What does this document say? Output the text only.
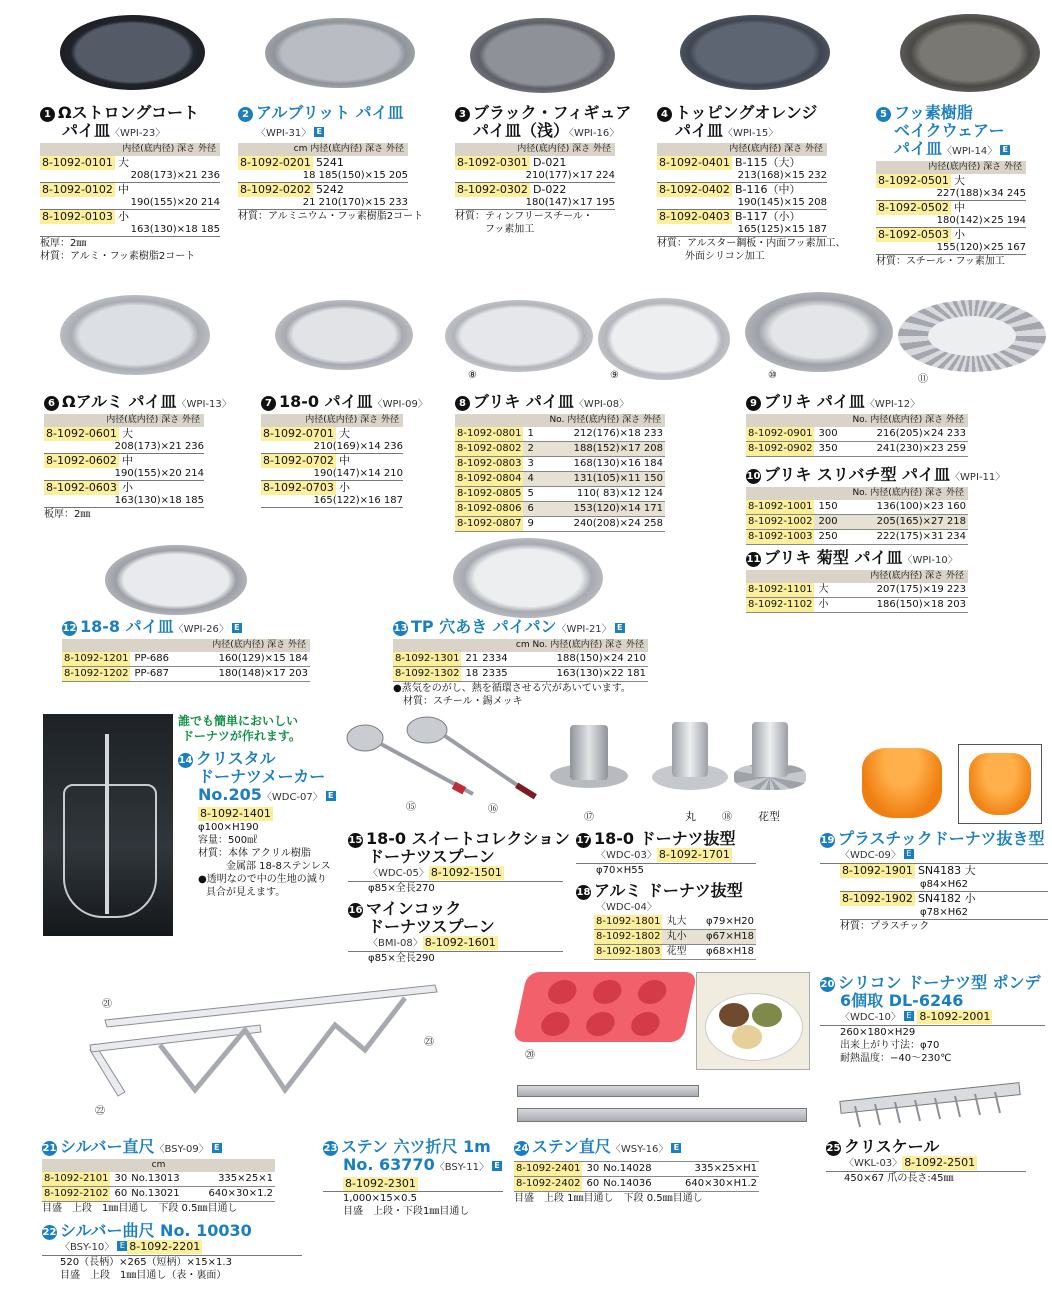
1 Ωストロングコート
パイ皿〈WPI-23〉
内径(底内径) 深さ 外径
8-1092-0101 大
208(173)×21 236
8-1092-0102 中
190(155)×20 214
8-1092-0103 小
163(130)×18 185
板厚：2㎜
材質：アルミ・フッ素樹脂2コート
2 アルブリット パイ皿
〈WPI-31〉 E
cm 内径(底内径) 深さ 外径
8-1092-0201 5241
18 185(150)×15 205
8-1092-0202 5242
21 210(170)×15 233
材質：アルミニウム・フッ素樹脂2コート
3 ブラック・フィギュア
パイ皿（浅）〈WPI-16〉
内径(底内径) 深さ 外径
8-1092-0301 D-021
210(177)×17 224
8-1092-0302 D-022
180(147)×17 195
材質：ティンフリースチール・
フッ素加工
4 トッピングオレンジ
パイ皿〈WPI-15〉
内径(底内径) 深さ 外径
8-1092-0401 B-115（大）
213(168)×15 232
8-1092-0402 B-116（中）
190(145)×15 208
8-1092-0403 B-117（小）
165(125)×15 187
材質：アルスター鋼板・内面フッ素加工、
外面シリコン加工
5 フッ素樹脂
ベイクウェアー
パイ皿〈WPI-14〉 E
内径(底内径) 深さ 外径
8-1092-0501 大
227(188)×34 245
8-1092-0502 中
180(142)×25 194
8-1092-0503 小
155(120)×25 167
材質：スチール・フッ素加工
⑧	⑨	⑩	⑪
6 Ωアルミ パイ皿〈WPI-13〉
内径(底内径) 深さ 外径
8-1092-0601 大
208(173)×21 236
8-1092-0602 中
190(155)×20 214
8-1092-0603 小
163(130)×18 185
板厚：2㎜
7 18-0 パイ皿〈WPI-09〉
内径(底内径) 深さ 外径
8-1092-0701 大
210(169)×14 236
8-1092-0702 中
190(147)×14 210
8-1092-0703 小
165(122)×16 187
8 ブリキ パイ皿〈WPI-08〉
No. 内径(底内径) 深さ 外径
8-1092-0801 1	212(176)×18 233
8-1092-0802 2	188(152)×17 208
8-1092-0803 3	168(130)×16 184
8-1092-0804 4	131(105)×11 150
8-1092-0805 5	110( 83)×12 124
8-1092-0806 6	153(120)×14 171
8-1092-0807 9	240(208)×24 258
9 ブリキ パイ皿〈WPI-12〉
No. 内径(底内径) 深さ 外径
8-1092-0901 300	216(205)×24 233
8-1092-0902 350	241(230)×23 259
10 ブリキ スリバチ型 パイ皿〈WPI-11〉
No. 内径(底内径) 深さ 外径
8-1092-1001 150	136(100)×23 160
8-1092-1002 200	205(165)×27 218
8-1092-1003 250	222(175)×31 234
11 ブリキ 菊型 パイ皿〈WPI-10〉
内径(底内径) 深さ 外径
8-1092-1101 大	207(175)×19 223
8-1092-1102 小	186(150)×18 203
12 18-8 パイ皿〈WPI-26〉 E
内径(底内径) 深さ 外径
8-1092-1201 PP-686	160(129)×15 184
8-1092-1202 PP-687	180(148)×17 203
13 TP 穴あき パイパン〈WPI-21〉 E
cm No. 内径(底内径) 深さ 外径
8-1092-1301 21 2334	188(150)×24 210
8-1092-1302 18 2335	163(130)×22 181
●蒸気をのがし、熱を循環させる穴があいています。
材質：スチール・錫メッキ
誰でも簡単においしい
ドーナツが作れます。
14 クリスタル
ドーナツメーカー
No.205〈WDC-07〉 E
8-1092-1401
φ100×H190
容量：500㎖
材質：本体 アクリル樹脂
金属部 18-8ステンレス
●透明なので中の生地の減り
具合が見えます。
⑮	⑯
⑰	丸	⑱ 花型
15 18-0 スイートコレクション
ドーナツスプーン
〈WDC-05〉 8-1092-1501
φ85×全長270
16 マインコック
ドーナツスプーン
〈BMI-08〉 8-1092-1601
φ85×全長290
17 18-0 ドーナツ抜型
〈WDC-03〉 8-1092-1701
φ70×H55
18 アルミ ドーナツ抜型
〈WDC-04〉
8-1092-1801 丸大 φ79×H20
8-1092-1802 丸小 φ67×H18
8-1092-1803 花型 φ68×H18
19 プラスチックドーナツ抜き型
〈WDC-09〉 E
8-1092-1901 SN4183 大
φ84×H62
8-1092-1902 SN4182 小
φ78×H62
材質：プラスチック
⑳
20 シリコン ドーナツ型 ポンデ
6個取 DL-6246
〈WDC-10〉 E 8-1092-2001
260×180×H29
出来上がり寸法：φ70
耐熱温度：−40〜230℃
㉑
㉒
㉓
21 シルバー直尺〈BSY-09〉 E
cm
8-1092-2101 30 No.13013	335×25×1
8-1092-2102 60 No.13021	640×30×1.2
目盛　上段　1㎜目通し　下段 0.5㎜目通し
22 シルバー曲尺 No. 10030
〈BSY-10〉 E 8-1092-2201
520（長柄）×265（短柄）×15×1.3
目盛　上段　1㎜目通し（表・裏面）
23 ステン 六ツ折尺 1m
No. 63770〈BSY-11〉 E
8-1092-2301
1,000×15×0.5
目盛　上段・下段1㎜目通し
24 ステン直尺〈WSY-16〉 E
8-1092-2401 30 No.14028	335×25×H1
8-1092-2402 60 No.14036	640×30×H1.2
目盛　上段 1㎜目通し　下段 0.5㎜目通し
25 クリスケール
〈WKL-03〉 8-1092-2501
450×67 爪の長さ:45㎜
